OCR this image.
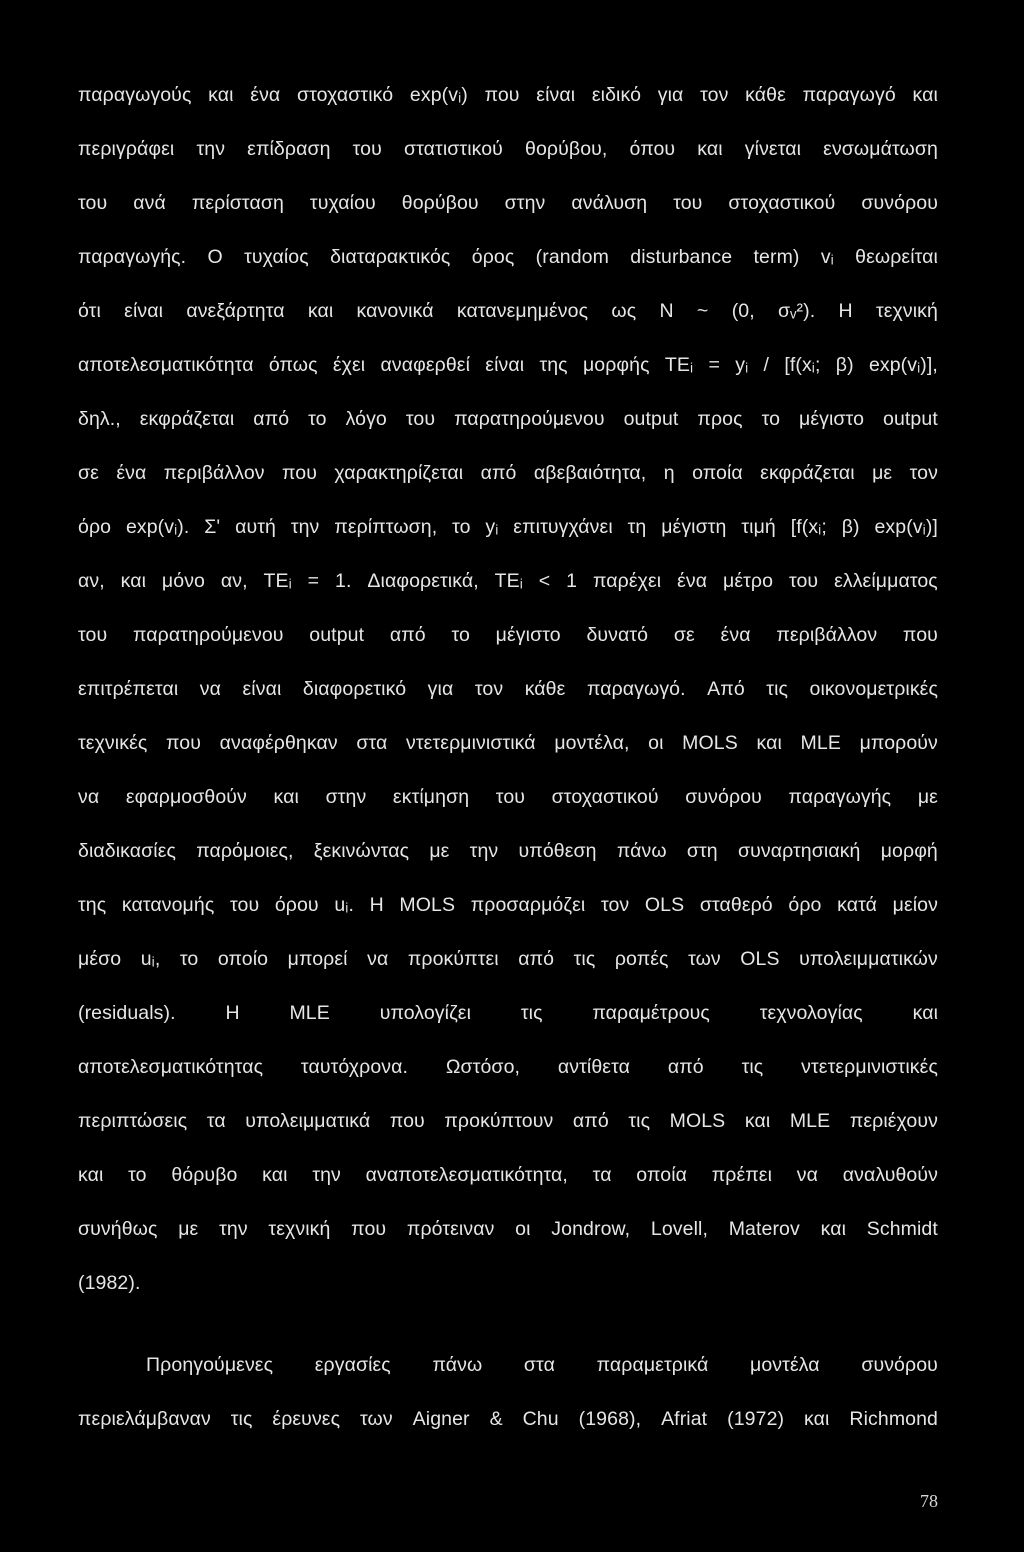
παραγωγούς και ένα στοχαστικό exp(vᵢ) που είναι ειδικό για τον κάθε παραγωγό και
περιγράφει την επίδραση του στατιστικού θορύβου, όπου και γίνεται ενσωμάτωση
του ανά περίσταση τυχαίου θορύβου στην ανάλυση του στοχαστικού συνόρου
παραγωγής. Ο τυχαίος διαταρακτικός όρος (random disturbance term) vᵢ θεωρείται
ότι είναι ανεξάρτητα και κανονικά κατανεμημένος ως N ~ (0, σᵥ²). Η τεχνική
αποτελεσματικότητα όπως έχει αναφερθεί είναι της μορφής TEᵢ = yᵢ / [f(xᵢ; β) exp(vᵢ)],
δηλ., εκφράζεται από το λόγο του παρατηρούμενου output προς το μέγιστο output
σε ένα περιβάλλον που χαρακτηρίζεται από αβεβαιότητα, η οποία εκφράζεται με τον
όρο exp(vᵢ). Σ' αυτή την περίπτωση, το yᵢ επιτυγχάνει τη μέγιστη τιμή [f(xᵢ; β) exp(vᵢ)]
αν, και μόνο αν, TEᵢ = 1. Διαφορετικά, TEᵢ < 1 παρέχει ένα μέτρο του ελλείμματος
του παρατηρούμενου output από το μέγιστο δυνατό σε ένα περιβάλλον που
επιτρέπεται να είναι διαφορετικό για τον κάθε παραγωγό. Από τις οικονομετρικές
τεχνικές που αναφέρθηκαν στα ντετερμινιστικά μοντέλα, οι MOLS και MLE μπορούν
να εφαρμοσθούν και στην εκτίμηση του στοχαστικού συνόρου παραγωγής με
διαδικασίες παρόμοιες, ξεκινώντας με την υπόθεση πάνω στη συναρτησιακή μορφή
της κατανομής του όρου uᵢ. Η MOLS προσαρμόζει τον OLS σταθερό όρο κατά μείον
μέσο uᵢ, το οποίο μπορεί να προκύπτει από τις ροπές των OLS υπολειμματικών
(residuals).	Η	MLE	υπολογίζει	τις	παραμέτρους	τεχνολογίας	και
αποτελεσματικότητας ταυτόχρονα. Ωστόσο, αντίθετα από τις ντετερμινιστικές
περιπτώσεις τα υπολειμματικά που προκύπτουν από τις MOLS και MLE περιέχουν
και το θόρυβο και την αναποτελεσματικότητα, τα οποία πρέπει να αναλυθούν
συνήθως με την τεχνική που πρότειναν οι Jondrow, Lovell, Materov και Schmidt
(1982).
Προηγούμενες εργασίες πάνω στα παραμετρικά μοντέλα συνόρου
περιελάμβαναν τις έρευνες των Aigner & Chu (1968), Afriat (1972) και Richmond
78
